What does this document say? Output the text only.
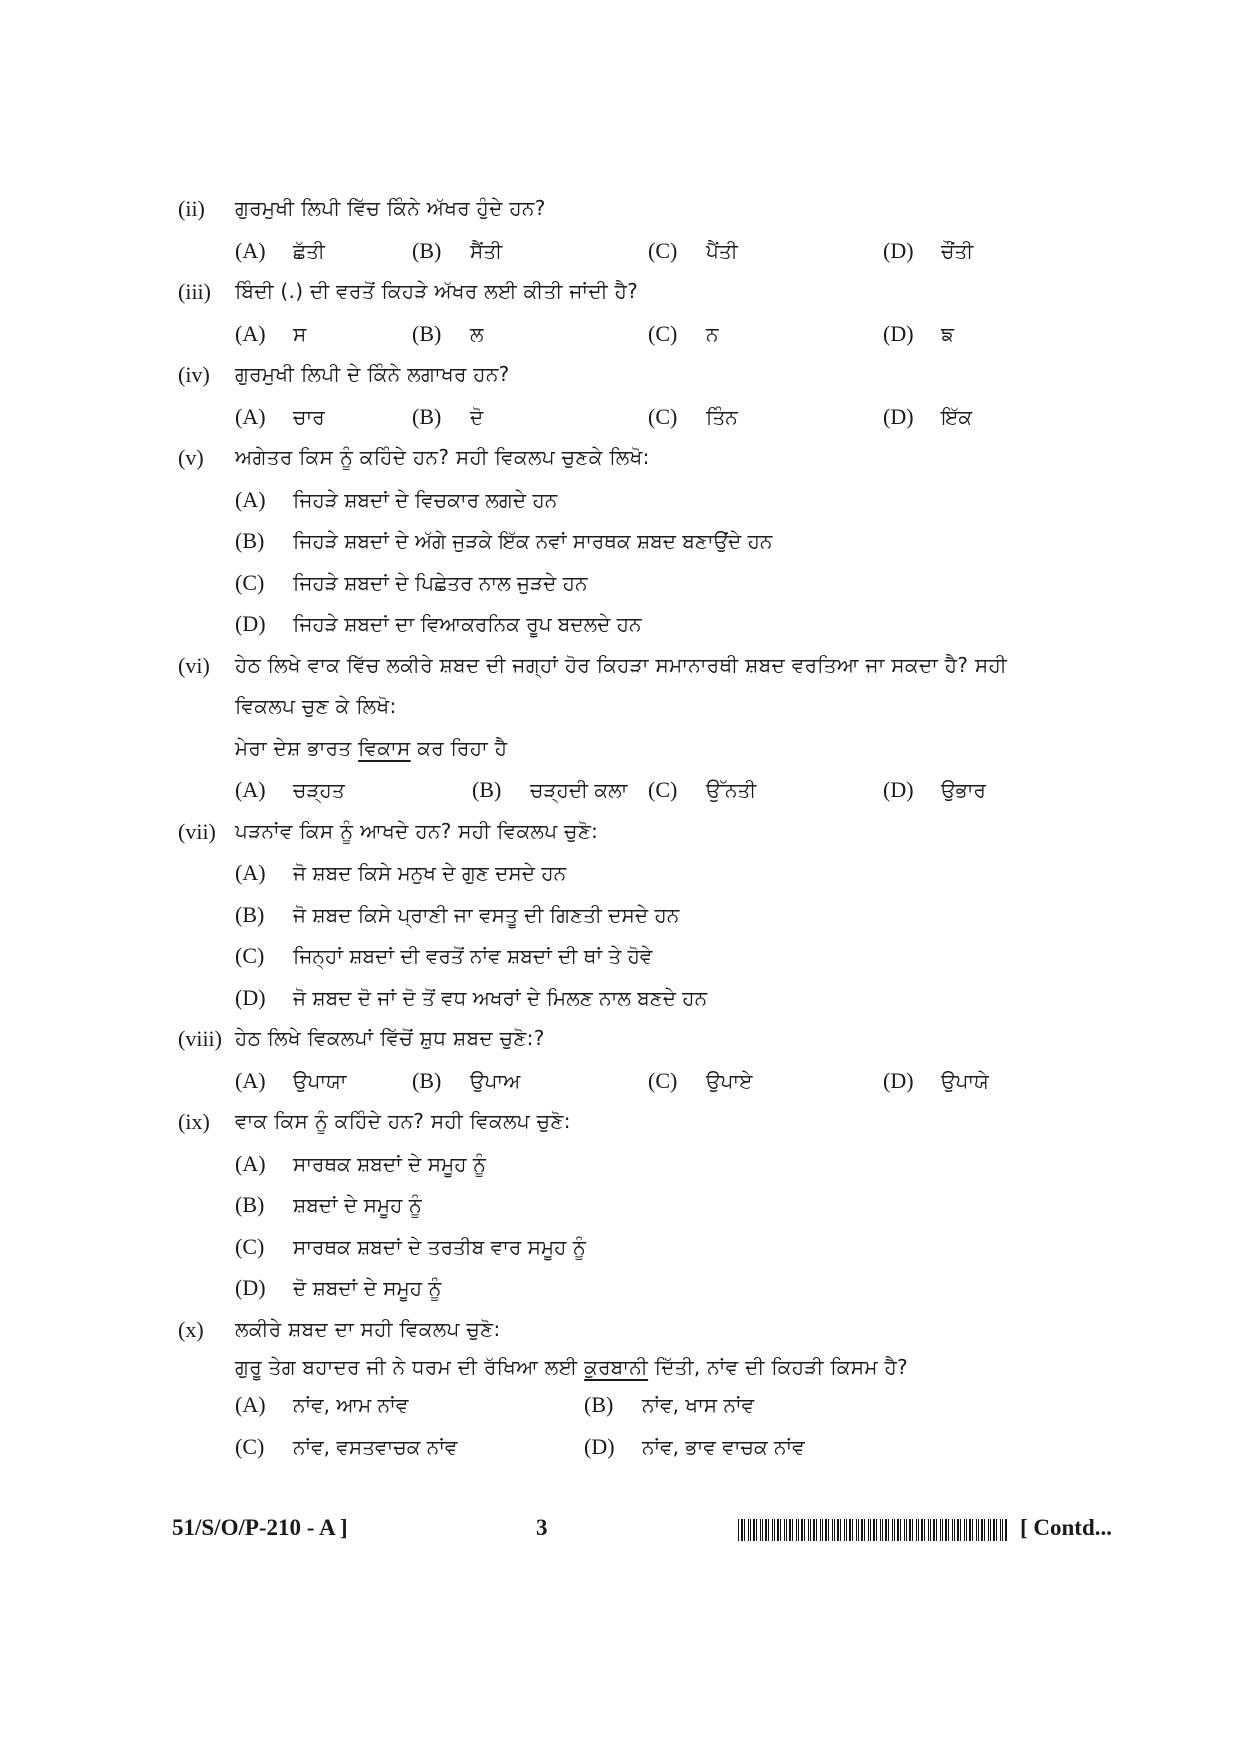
(ii) ਗੁਰਮੁਖੀ ਲਿਪੀ ਵਿੱਚ ਕਿੰਨੇ ਅੱਖਰ ਹੁੰਦੇ ਹਨ?
(A) ਛੱਤੀ	(B) ਸੈਂਤੀ	(C) ਪੈਂਤੀ	(D) ਚੌਂਤੀ
(iii) ਬਿੰਦੀ (.) ਦੀ ਵਰਤੋਂ ਕਿਹੜੇ ਅੱਖਰ ਲਈ ਕੀਤੀ ਜਾਂਦੀ ਹੈ?
(A) ਸ	(B) ਲ	(C) ਨ	(D) ਙ
(iv) ਗੁਰਮੁਖੀ ਲਿਪੀ ਦੇ ਕਿੰਨੇ ਲਗਾਖਰ ਹਨ?
(A) ਚਾਰ	(B) ਦੋ	(C) ਤਿੰਨ	(D) ਇੱਕ
(v) ਅਗੇਤਰ ਕਿਸ ਨੂੰ ਕਹਿੰਦੇ ਹਨ? ਸਹੀ ਵਿਕਲਪ ਚੁਣਕੇ ਲਿਖੋ:
(A) ਜਿਹੜੇ ਸ਼ਬਦਾਂ ਦੇ ਵਿਚਕਾਰ ਲਗਦੇ ਹਨ
(B) ਜਿਹੜੇ ਸ਼ਬਦਾਂ ਦੇ ਅੱਗੇ ਜੁੜਕੇ ਇੱਕ ਨਵਾਂ ਸਾਰਥਕ ਸ਼ਬਦ ਬਣਾਉਂਦੇ ਹਨ
(C) ਜਿਹੜੇ ਸ਼ਬਦਾਂ ਦੇ ਪਿਛੇਤਰ ਨਾਲ ਜੁੜਦੇ ਹਨ
(D) ਜਿਹੜੇ ਸ਼ਬਦਾਂ ਦਾ ਵਿਆਕਰਨਿਕ ਰੂਪ ਬਦਲਦੇ ਹਨ
(vi) ਹੇਠ ਲਿਖੇ ਵਾਕ ਵਿੱਚ ਲਕੀਰੇ ਸ਼ਬਦ ਦੀ ਜਗ੍ਹਾਂ ਹੋਰ ਕਿਹੜਾ ਸਮਾਨਾਰਥੀ ਸ਼ਬਦ ਵਰਤਿਆ ਜਾ ਸਕਦਾ ਹੈ? ਸਹੀ
ਵਿਕਲਪ ਚੁਣ ਕੇ ਲਿਖੋ:
ਮੇਰਾ ਦੇਸ਼ ਭਾਰਤ ਵਿਕਾਸ ਕਰ ਰਿਹਾ ਹੈ
(A) ਚੜ੍ਹਤ	(B) ਚੜ੍ਹਦੀ ਕਲਾ (C) ਉੱਨਤੀ	(D) ਉਭਾਰ
(vii) ਪੜਨਾਂਵ ਕਿਸ ਨੂੰ ਆਖਦੇ ਹਨ? ਸਹੀ ਵਿਕਲਪ ਚੁਣੋ:
(A) ਜੋ ਸ਼ਬਦ ਕਿਸੇ ਮਨੁਖ ਦੇ ਗੁਣ ਦਸਦੇ ਹਨ
(B) ਜੋ ਸ਼ਬਦ ਕਿਸੇ ਪ੍ਰਾਣੀ ਜਾ ਵਸਤੂ ਦੀ ਗਿਣਤੀ ਦਸਦੇ ਹਨ
(C) ਜਿਨ੍ਹਾਂ ਸ਼ਬਦਾਂ ਦੀ ਵਰਤੋਂ ਨਾਂਵ ਸ਼ਬਦਾਂ ਦੀ ਥਾਂ ਤੇ ਹੋਵੇ
(D) ਜੋ ਸ਼ਬਦ ਦੋ ਜਾਂ ਦੋ ਤੋਂ ਵਧ ਅਖਰਾਂ ਦੇ ਮਿਲਣ ਨਾਲ ਬਣਦੇ ਹਨ
(viii) ਹੇਠ ਲਿਖੇ ਵਿਕਲਪਾਂ ਵਿੱਚੋਂ ਸ਼ੁਧ ਸ਼ਬਦ ਚੁਣੋ:?
(A) ਉਪਾਯਾ	(B) ਉਪਾਅ	(C) ਉਪਾਏ	(D) ਉਪਾਯੇ
(ix) ਵਾਕ ਕਿਸ ਨੂੰ ਕਹਿੰਦੇ ਹਨ? ਸਹੀ ਵਿਕਲਪ ਚੁਣੋ:
(A) ਸਾਰਥਕ ਸ਼ਬਦਾਂ ਦੇ ਸਮੂਹ ਨੂੰ
(B) ਸ਼ਬਦਾਂ ਦੇ ਸਮੂਹ ਨੂੰ
(C) ਸਾਰਥਕ ਸ਼ਬਦਾਂ ਦੇ ਤਰਤੀਬ ਵਾਰ ਸਮੂਹ ਨੂੰ
(D) ਦੋ ਸ਼ਬਦਾਂ ਦੇ ਸਮੂਹ ਨੂੰ
(x) ਲਕੀਰੇ ਸ਼ਬਦ ਦਾ ਸਹੀ ਵਿਕਲਪ ਚੁਣੋ:
ਗੁਰੂ ਤੇਗ ਬਹਾਦਰ ਜੀ ਨੇ ਧਰਮ ਦੀ ਰੱਖਿਆ ਲਈ ਕੁਰਬਾਨੀ ਦਿੱਤੀ, ਨਾਂਵ ਦੀ ਕਿਹੜੀ ਕਿਸਮ ਹੈ?
(A) ਨਾਂਵ, ਆਮ ਨਾਂਵ	(B) ਨਾਂਵ, ਖਾਸ ਨਾਂਵ
(C) ਨਾਂਵ, ਵਸਤਵਾਚਕ ਨਾਂਵ	(D) ਨਾਂਵ, ਭਾਵ ਵਾਚਕ ਨਾਂਵ
51/S/O/P-210 - A ]	3	[ Contd...
